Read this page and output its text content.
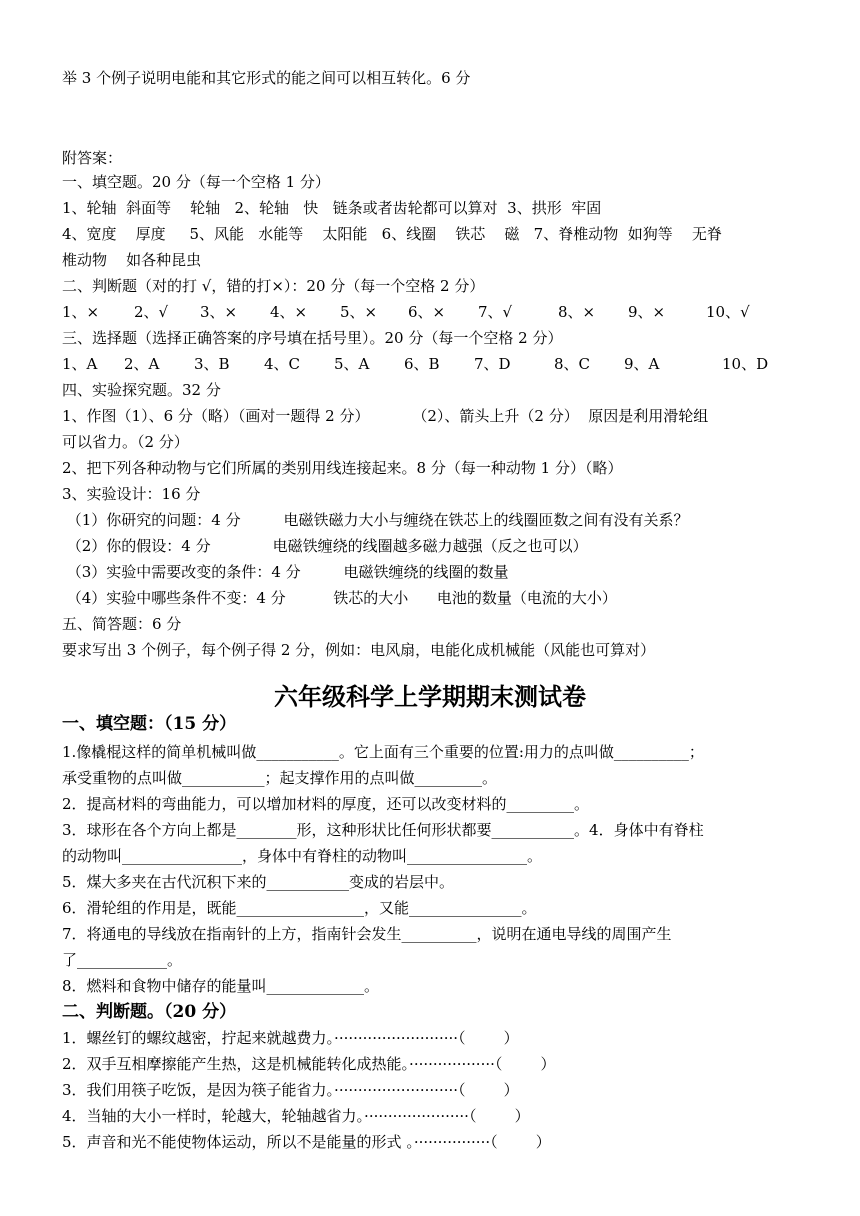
举 3 个例子说明电能和其它形式的能之间可以相互转化。6 分
附答案：
一、填空题。20 分（每一个空格 1 分）
1、轮轴  斜面等    轮轴   2、轮轴   快   链条或者齿轮都可以算对  3、拱形  牢固
4、宽度    厚度     5、风能   水能等    太阳能   6、线圈    铁芯    磁   7、脊椎动物  如狗等    无脊
椎动物    如各种昆虫
二、判断题（对的打 √，错的打×）：20 分（每一个空格 2 分）
1、× 2、√ 3、× 4、× 5、× 6、× 7、√	8、× 9、×	10、√
三、选择题（选择正确答案的序号填在括号里）。20 分（每一个空格 2 分）
1、A 2、A 3、B 4、C 5、A 6、B 7、D	8、C 9、A	10、D
四、实验探究题。32 分
1、作图（1）、6 分（略）（画对一题得 2 分）         （2）、箭头上升（2 分）  原因是利用滑轮组
可以省力。（2 分）
2、把下列各种动物与它们所属的类别用线连接起来。8 分（每一种动物 1 分）（略）
3、实验设计：16 分
（1）你研究的问题：4 分         电磁铁磁力大小与缠绕在铁芯上的线圈匝数之间有没有关系？
（2）你的假设：4 分             电磁铁缠绕的线圈越多磁力越强（反之也可以）
（3）实验中需要改变的条件：4 分         电磁铁缠绕的线圈的数量
（4）实验中哪些条件不变：4 分          铁芯的大小      电池的数量（电流的大小）
五、简答题：6 分
要求写出 3 个例子，每个例子得 2 分，例如：电风扇，电能化成机械能（风能也可算对）
六年级科学上学期期末测试卷
一、填空题：（15 分）
1.像橇棍这样的简单机械叫做___________。它上面有三个重要的位置:用力的点叫做__________；
承受重物的点叫做___________；起支撑作用的点叫做_________。
2．提高材料的弯曲能力，可以增加材料的厚度，还可以改变材料的_________。
3．球形在各个方向上都是________形，这种形状比任何形状都要___________。4．身体中有脊柱
的动物叫________________，身体中有脊柱的动物叫________________。
5．煤大多夹在古代沉积下来的___________变成的岩层中。
6．滑轮组的作用是，既能_________________，又能_______________。
7．将通电的导线放在指南针的上方，指南针会发生__________，说明在通电导线的周围产生
了____________。
8．燃料和食物中储存的能量叫_____________。
二、判断题。（20 分）
1．螺丝钉的螺纹越密，拧起来就越费力。··························（        ）
2．双手互相摩擦能产生热，这是机械能转化成热能。··················（        ）
3．我们用筷子吃饭，是因为筷子能省力。··························（        ）
4．当轴的大小一样时，轮越大，轮轴越省力。······················（        ）
5．声音和光不能使物体运动，所以不是能量的形式 。················（        ）
